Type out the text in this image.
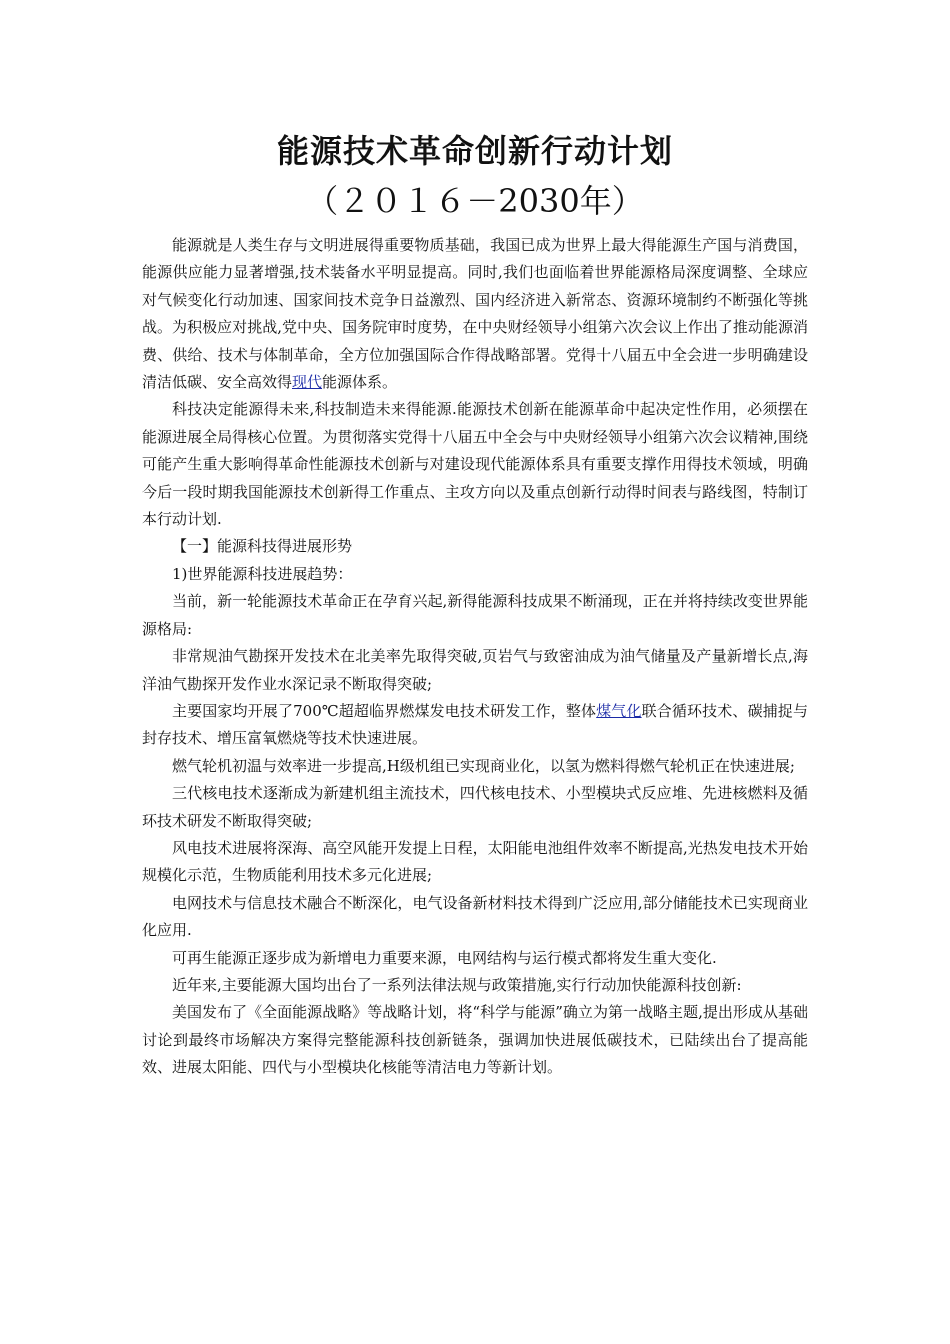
能源技术革命创新行动计划
（２０１６－2030年）

能源就是人类生存与文明进展得重要物质基础，我国已成为世界上最大得能源生产国与消费国，能源供应能力显著增强,技术装备水平明显提高。同时,我们也面临着世界能源格局深度调整、全球应对气候变化行动加速、国家间技术竞争日益激烈、国内经济进入新常态、资源环境制约不断强化等挑战。为积极应对挑战,党中央、国务院审时度势，在中央财经领导小组第六次会议上作出了推动能源消费、供给、技术与体制革命，全方位加强国际合作得战略部署。党得十八届五中全会进一步明确建设清洁低碳、安全高效得现代能源体系。

科技决定能源得未来,科技制造未来得能源.能源技术创新在能源革命中起决定性作用，必须摆在能源进展全局得核心位置。为贯彻落实党得十八届五中全会与中央财经领导小组第六次会议精神,围绕可能产生重大影响得革命性能源技术创新与对建设现代能源体系具有重要支撑作用得技术领域，明确今后一段时期我国能源技术创新得工作重点、主攻方向以及重点创新行动得时间表与路线图，特制订本行动计划.

【一】能源科技得进展形势

1)世界能源科技进展趋势：

当前，新一轮能源技术革命正在孕育兴起,新得能源科技成果不断涌现，正在并将持续改变世界能源格局:

非常规油气勘探开发技术在北美率先取得突破,页岩气与致密油成为油气储量及产量新增长点,海洋油气勘探开发作业水深记录不断取得突破;

主要国家均开展了700℃超超临界燃煤发电技术研发工作，整体煤气化联合循环技术、碳捕捉与封存技术、增压富氧燃烧等技术快速进展。

燃气轮机初温与效率进一步提高,H级机组已实现商业化，以氢为燃料得燃气轮机正在快速进展;

三代核电技术逐渐成为新建机组主流技术，四代核电技术、小型模块式反应堆、先进核燃料及循环技术研发不断取得突破;

风电技术进展将深海、高空风能开发提上日程，太阳能电池组件效率不断提高,光热发电技术开始规模化示范，生物质能利用技术多元化进展;

电网技术与信息技术融合不断深化，电气设备新材料技术得到广泛应用,部分储能技术已实现商业化应用.

可再生能源正逐步成为新增电力重要来源，电网结构与运行模式都将发生重大变化.

近年来,主要能源大国均出台了一系列法律法规与政策措施,实行行动加快能源科技创新:

美国发布了《全面能源战略》等战略计划，将“科学与能源”确立为第一战略主题,提出形成从基础讨论到最终市场解决方案得完整能源科技创新链条，强调加快进展低碳技术，已陆续出台了提高能效、进展太阳能、四代与小型模块化核能等清洁电力等新计划。
